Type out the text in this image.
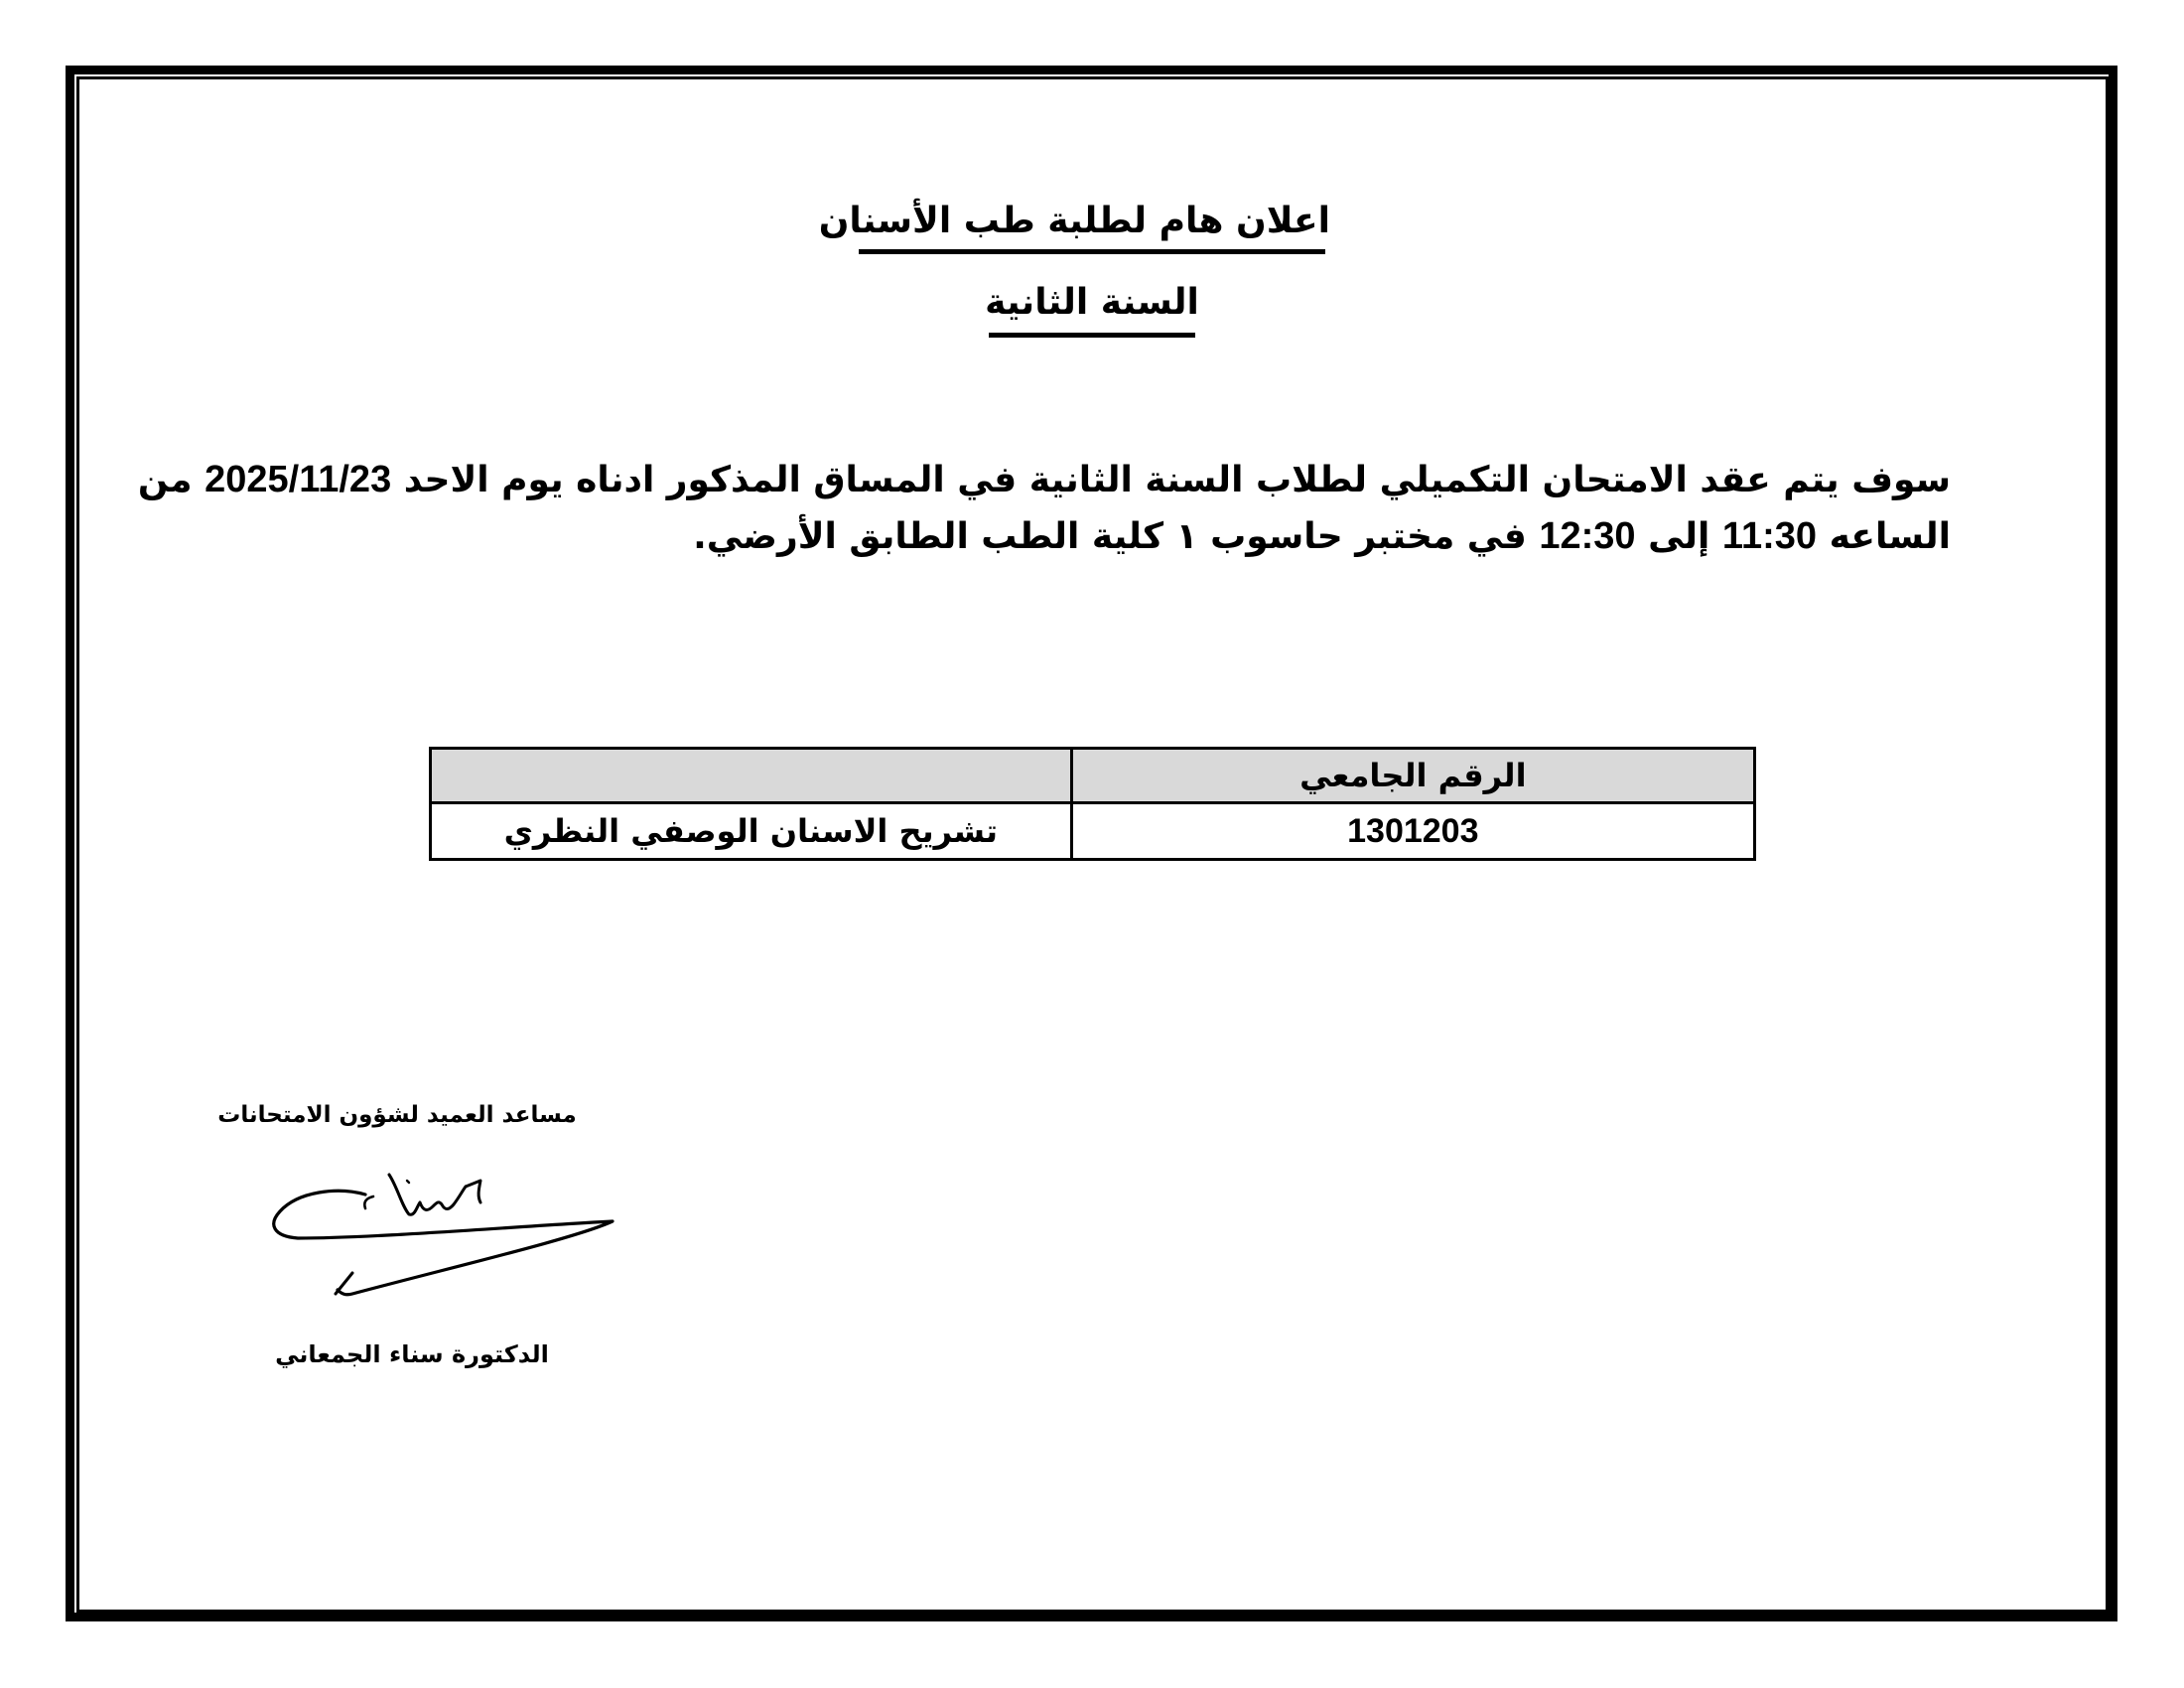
اعلان هام لطلبة طب الأسنان
السنة الثانية
سوف يتم عقد الامتحان التكميلي لطلاب السنة الثانية في المساق المذكور ادناه يوم الاحد 2025/11/23 من
الساعه 11:30 إلى 12:30 في مختبر حاسوب ١ كلية الطب الطابق الأرضي.
الرقم الجامعي	
1301203	تشريح الاسنان الوصفي النظري
مساعد العميد لشؤون الامتحانات
الدكتورة سناء الجمعاني
